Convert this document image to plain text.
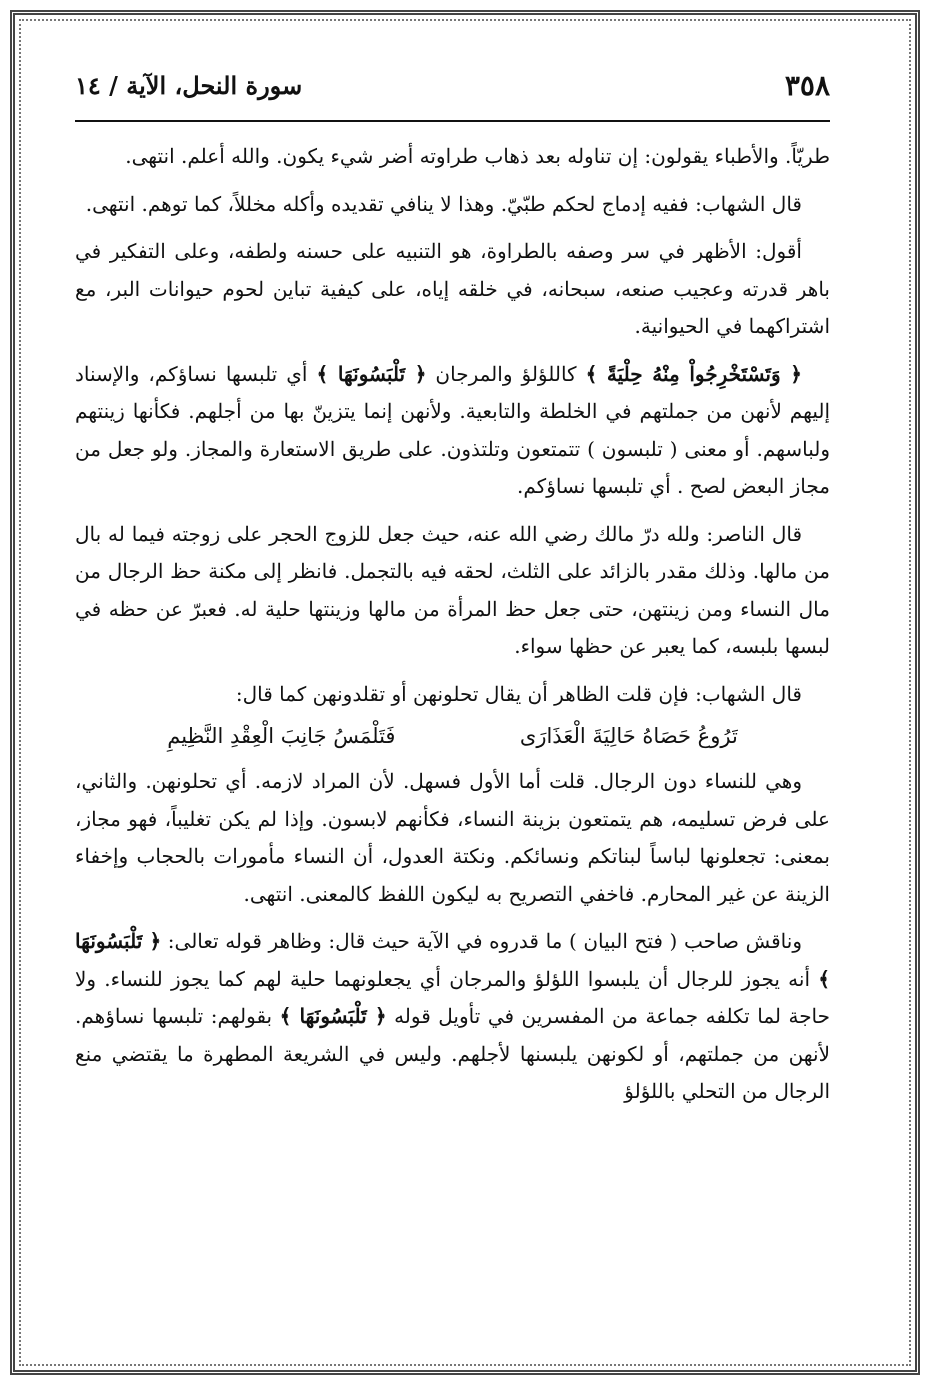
٣٥٨
سورة النحل، الآية / ١٤

طريّاً. والأطباء يقولون: إن تناوله بعد ذهاب طراوته أضر شيء يكون. والله أعلم. انتهى.

قال الشهاب: ففيه إدماج لحكم طبّيّ. وهذا لا ينافي تقديده وأكله مخللاً، كما توهم. انتهى.

أقول: الأظهر في سر وصفه بالطراوة، هو التنبيه على حسنه ولطفه، وعلى التفكير في باهر قدرته وعجيب صنعه، سبحانه، في خلقه إياه، على كيفية تباين لحوم حيوانات البر، مع اشتراكهما في الحيوانية.

﴿ وَتَسْتَخْرِجُواْ مِنْهُ حِلْيَةً ﴾ كاللؤلؤ والمرجان ﴿ تَلْبَسُونَهَا ﴾ أي تلبسها نساؤكم، والإسناد إليهم لأنهن من جملتهم في الخلطة والتابعية. ولأنهن إنما يتزينّ بها من أجلهم. فكأنها زينتهم ولباسهم. أو معنى ( تلبسون ) تتمتعون وتلتذون. على طريق الاستعارة والمجاز. ولو جعل من مجاز البعض لصح . أي تلبسها نساؤكم.

قال الناصر: ولله درّ مالك رضي الله عنه، حيث جعل للزوج الحجر على زوجته فيما له بال من مالها. وذلك مقدر بالزائد على الثلث، لحقه فيه بالتجمل. فانظر إلى مكنة حظ الرجال من مال النساء ومن زينتهن، حتى جعل حظ المرأة من مالها وزينتها حلية له. فعبرّ عن حظه في لبسها بلبسه، كما يعبر عن حظها سواء.

قال الشهاب: فإن قلت الظاهر أن يقال تحلونهن أو تقلدونهن كما قال:

تَرُوعُ حَصَاهُ حَالِيَةَ الْعَذَارَى
فَتَلْمَسُ جَانِبَ الْعِقْدِ النَّظِيمِ

وهي للنساء دون الرجال. قلت أما الأول فسهل. لأن المراد لازمه. أي تحلونهن. والثاني، على فرض تسليمه، هم يتمتعون بزينة النساء، فكأنهم لابسون. وإذا لم يكن تغليباً، فهو مجاز، بمعنى: تجعلونها لباساً لبناتكم ونسائكم. ونكتة العدول، أن النساء مأمورات بالحجاب وإخفاء الزينة عن غير المحارم. فاخفي التصريح به ليكون اللفظ كالمعنى. انتهى.

وناقش صاحب ( فتح البيان ) ما قدروه في الآية حيث قال: وظاهر قوله تعالى: ﴿ تَلْبَسُونَهَا ﴾ أنه يجوز للرجال أن يلبسوا اللؤلؤ والمرجان أي يجعلونهما حلية لهم كما يجوز للنساء. ولا حاجة لما تكلفه جماعة من المفسرين في تأويل قوله ﴿ تَلْبَسُونَهَا ﴾ بقولهم: تلبسها نساؤهم. لأنهن من جملتهم، أو لكونهن يلبسنها لأجلهم. وليس في الشريعة المطهرة ما يقتضي منع الرجال من التحلي باللؤلؤ
